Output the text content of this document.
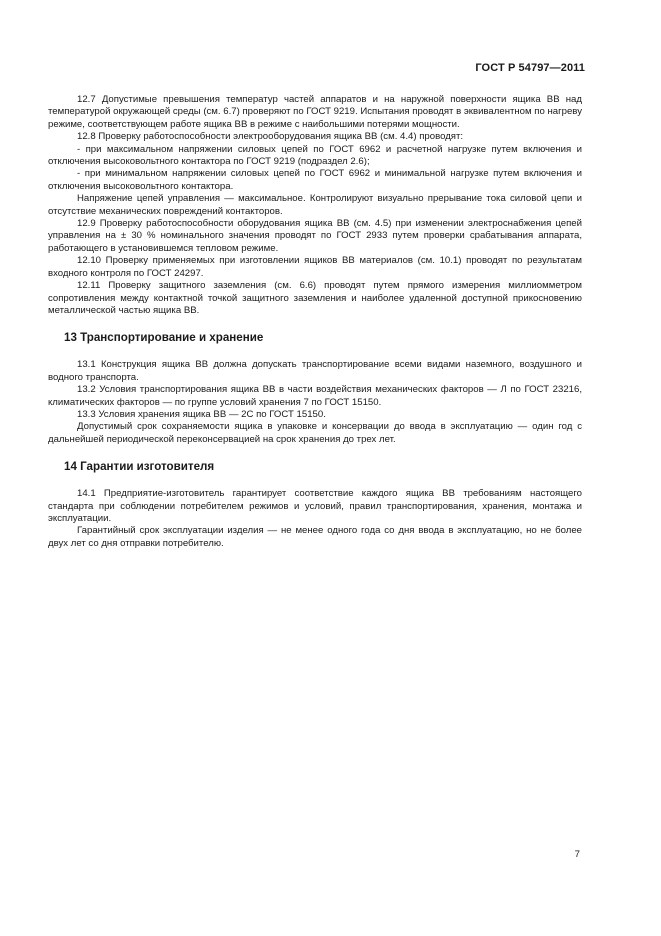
ГОСТ Р 54797—2011

12.7 Допустимые превышения температур частей аппаратов и на наружной поверхности ящика ВВ над температурой окружающей среды (см. 6.7) проверяют по ГОСТ 9219. Испытания проводят в эквивалентном по нагреву режиме, соответствующем работе ящика ВВ в режиме с наибольшими потерями мощности.

12.8 Проверку работоспособности электрооборудования ящика ВВ (см. 4.4) проводят:

- при максимальном напряжении силовых цепей по ГОСТ 6962 и расчетной нагрузке путем включения и отключения высоковольтного контактора по ГОСТ 9219 (подраздел 2.6);

- при минимальном напряжении силовых цепей по ГОСТ 6962 и минимальной нагрузке путем включения и отключения высоковольтного контактора.

Напряжение цепей управления — максимальное. Контролируют визуально прерывание тока силовой цепи и отсутствие механических повреждений контакторов.

12.9 Проверку работоспособности оборудования ящика ВВ (см. 4.5) при изменении электроснабжения цепей управления на ± 30 % номинального значения проводят по ГОСТ 2933 путем проверки срабатывания аппарата, работающего в установившемся тепловом режиме.

12.10 Проверку применяемых при изготовлении ящиков ВВ материалов (см. 10.1) проводят по результатам входного контроля по ГОСТ 24297.

12.11 Проверку защитного заземления (см. 6.6) проводят путем прямого измерения миллиомметром сопротивления между контактной точкой защитного заземления и наиболее удаленной доступной прикосновению металлической частью ящика ВВ.

13 Транспортирование и хранение

13.1 Конструкция ящика ВВ должна допускать транспортирование всеми видами наземного, воздушного и водного транспорта.

13.2 Условия транспортирования ящика ВВ в части воздействия механических факторов — Л по ГОСТ 23216, климатических факторов — по группе условий хранения 7 по ГОСТ 15150.

13.3 Условия хранения ящика ВВ — 2С по ГОСТ 15150.

Допустимый срок сохраняемости ящика в упаковке и консервации до ввода в эксплуатацию — один год с дальнейшей периодической переконсервацией на срок хранения до трех лет.

14 Гарантии изготовителя

14.1 Предприятие-изготовитель гарантирует соответствие каждого ящика ВВ требованиям настоящего стандарта при соблюдении потребителем режимов и условий, правил транспортирования, хранения, монтажа и эксплуатации.

Гарантийный срок эксплуатации изделия — не менее одного года со дня ввода в эксплуатацию, но не более двух лет со дня отправки потребителю.

7
